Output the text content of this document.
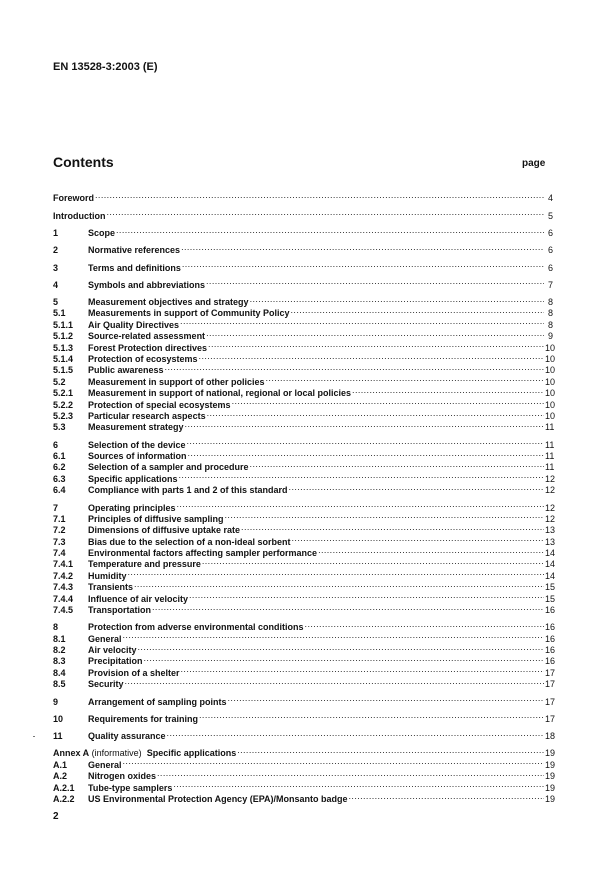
EN 13528-3:2003 (E)
Contents	page
Foreword .....	4
Introduction .....	5
1	Scope .....	6
2	Normative references .....	6
3	Terms and definitions .....	6
4	Symbols and abbreviations .....	7
5	Measurement objectives and strategy .....	8
5.1	Measurements in support of Community Policy .....	8
5.1.1	Air Quality Directives .....	8
5.1.2	Source-related assessment .....	9
5.1.3	Forest Protection directives .....	10
5.1.4	Protection of ecosystems .....	10
5.1.5	Public awareness .....	10
5.2	Measurement in support of other policies .....	10
5.2.1	Measurement in support of national, regional or local policies .....	10
5.2.2	Protection of special ecosystems .....	10
5.2.3	Particular research aspects .....	10
5.3	Measurement strategy .....	11
6	Selection of the device .....	11
6.1	Sources of information .....	11
6.2	Selection of a sampler and procedure .....	11
6.3	Specific applications .....	12
6.4	Compliance with parts 1 and 2 of this standard .....	12
7	Operating principles .....	12
7.1	Principles of diffusive sampling .....	12
7.2	Dimensions of diffusive uptake rate .....	13
7.3	Bias due to the selection of a non-ideal sorbent .....	13
7.4	Environmental factors affecting sampler performance .....	14
7.4.1	Temperature and pressure .....	14
7.4.2	Humidity .....	14
7.4.3	Transients .....	15
7.4.4	Influence of air velocity .....	15
7.4.5	Transportation .....	16
8	Protection from adverse environmental conditions .....	16
8.1	General .....	16
8.2	Air velocity .....	16
8.3	Precipitation .....	16
8.4	Provision of a shelter .....	17
8.5	Security .....	17
9	Arrangement of sampling points .....	17
10	Requirements for training .....	17
11	Quality assurance .....	18
Annex A (informative)  Specific applications .....	19
A.1	General .....	19
A.2	Nitrogen oxides .....	19
A.2.1	Tube-type samplers .....	19
A.2.2	US Environmental Protection Agency (EPA)/Monsanto badge .....	19
2
